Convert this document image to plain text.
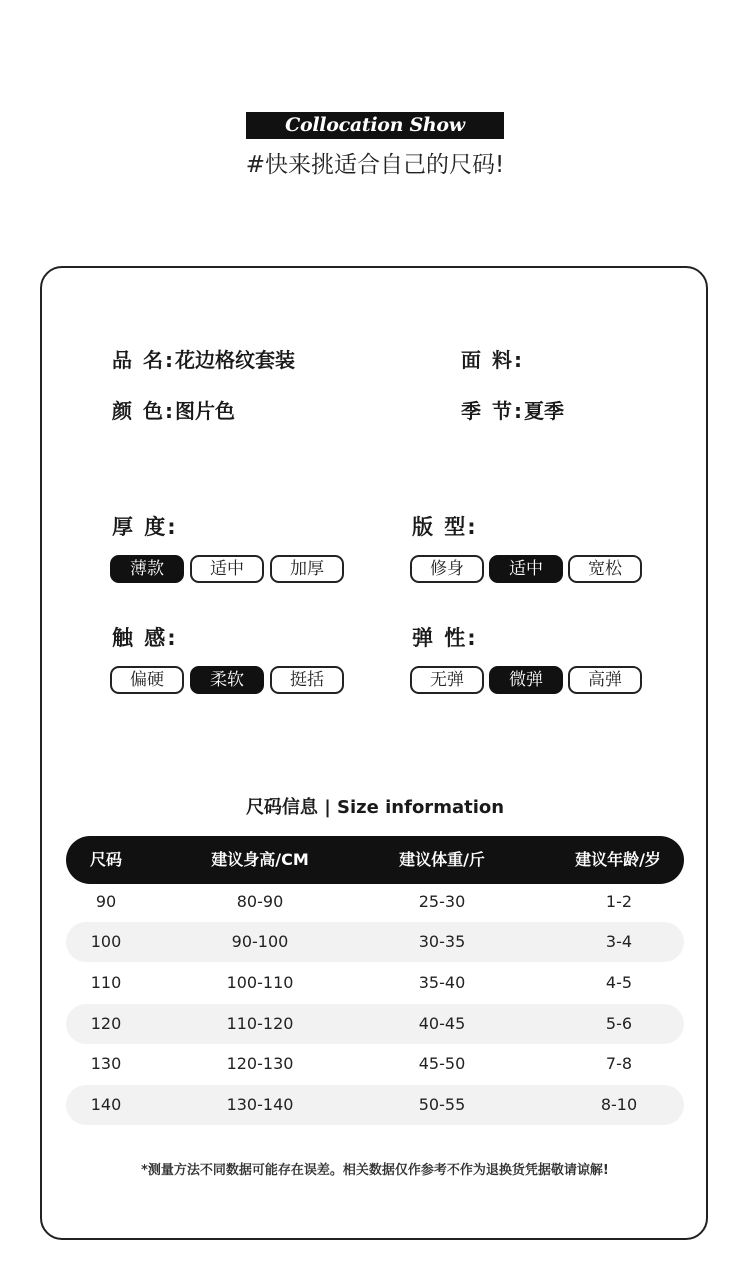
Collocation Show
#快来挑适合自己的尺码!
品 名:花边格纹套装	面 料:
颜 色:图片色	季 节:夏季
厚 度:
薄款	适中	加厚
版 型:
修身	适中	宽松
触 感:
偏硬	柔软	挺括
弹 性:
无弹	微弹	高弹
尺码信息 | Size information
尺码	建议身高/CM	建议体重/斤	建议年龄/岁
90	80-90	25-30	1-2
100	90-100	30-35	3-4
110	100-110	35-40	4-5
120	110-120	40-45	5-6
130	120-130	45-50	7-8
140	130-140	50-55	8-10
*测量方法不同数据可能存在误差。相关数据仅作参考不作为退换货凭据敬请谅解!
